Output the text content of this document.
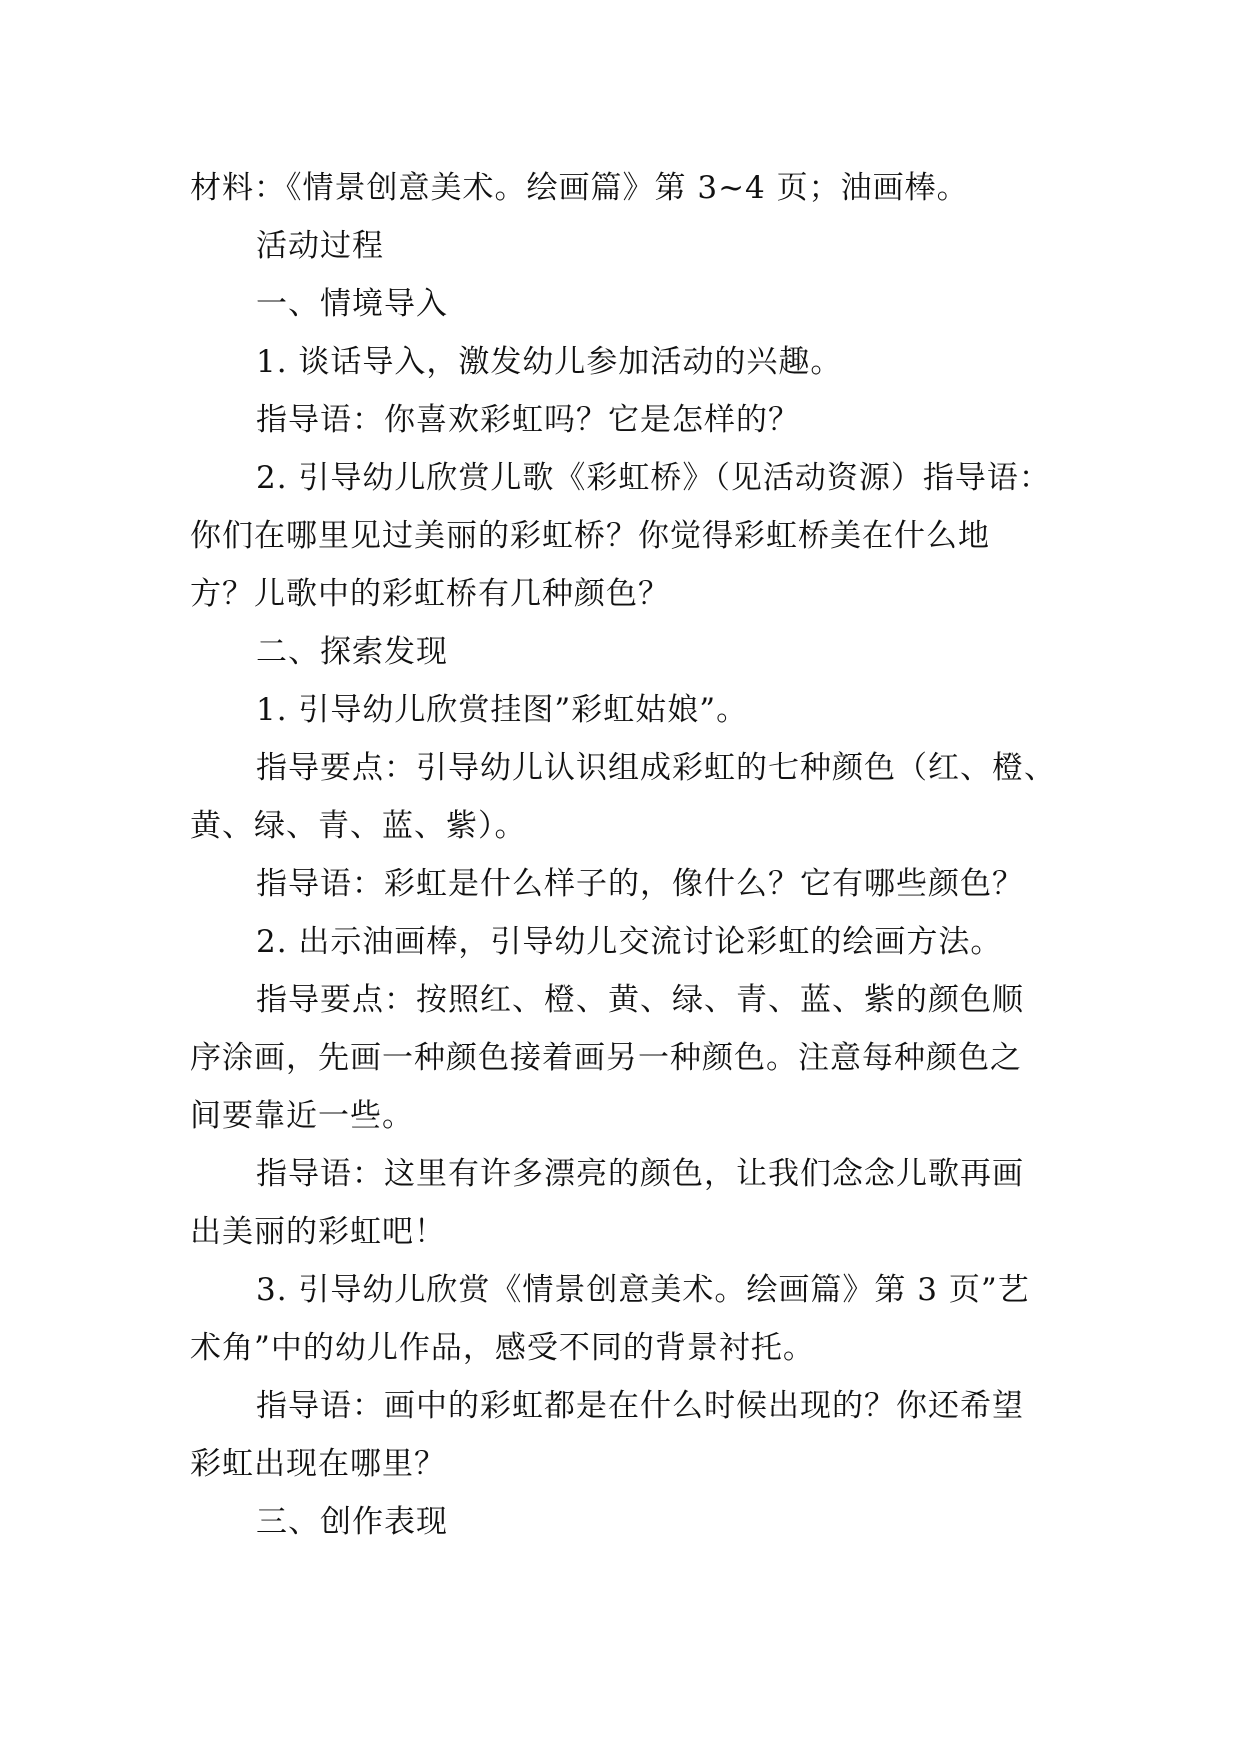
材料：《情景创意美术。绘画篇》第 3~4 页；油画棒。
活动过程
一、情境导入
1. 谈话导入，激发幼儿参加活动的兴趣。
指导语：你喜欢彩虹吗？它是怎样的？
2. 引导幼儿欣赏儿歌《彩虹桥》（见活动资源）指导语：
你们在哪里见过美丽的彩虹桥？你觉得彩虹桥美在什么地
方？儿歌中的彩虹桥有几种颜色？
二、探索发现
1. 引导幼儿欣赏挂图”彩虹姑娘”。
指导要点：引导幼儿认识组成彩虹的七种颜色（红、橙、
黄、绿、青、蓝、紫）。
指导语：彩虹是什么样子的，像什么？它有哪些颜色？
2. 出示油画棒，引导幼儿交流讨论彩虹的绘画方法。
指导要点：按照红、橙、黄、绿、青、蓝、紫的颜色顺
序涂画，先画一种颜色接着画另一种颜色。注意每种颜色之
间要靠近一些。
指导语：这里有许多漂亮的颜色，让我们念念儿歌再画
出美丽的彩虹吧！
3. 引导幼儿欣赏《情景创意美术。绘画篇》第 3 页”艺
术角”中的幼儿作品，感受不同的背景衬托。
指导语：画中的彩虹都是在什么时候出现的？你还希望
彩虹出现在哪里？
三、创作表现
